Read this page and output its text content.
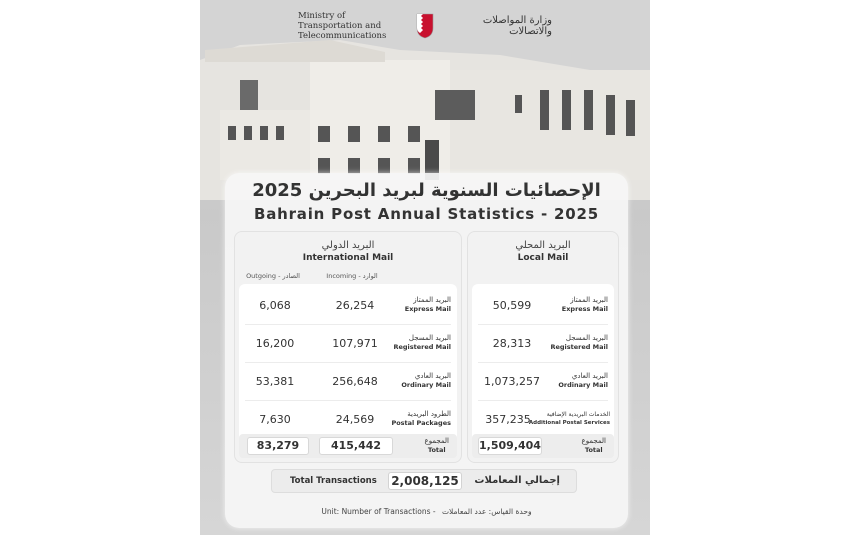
Ministry of Transportation and Telecommunications
وزارة المواصلات والاتصالات
الإحصائيات السنوية لبريد البحرين 2025
Bahrain Post Annual Statistics - 2025
البريد الدولي
International Mail
Outgoing - الصادر	Incoming - الوارد
6,068	26,254	البريد الممتاز
Express Mail
16,200	107,971	البريد المسجل
Registered Mail
53,381	256,648	البريد العادي
Ordinary Mail
7,630	24,569	الطرود البريدية
Postal Packages
83,279	415,442	المجموع
Total
البريد المحلي
Local Mail
50,599	البريد الممتاز
Express Mail
28,313	البريد المسجل
Registered Mail
1,073,257	البريد العادي
Ordinary Mail
357,235	الخدمات البريدية الإضافية
Additional Postal Services
1,509,404	المجموع
Total
Total Transactions 2,008,125	إجمالي المعاملات
Unit: Number of Transactions - وحدة القياس: عدد المعاملات
